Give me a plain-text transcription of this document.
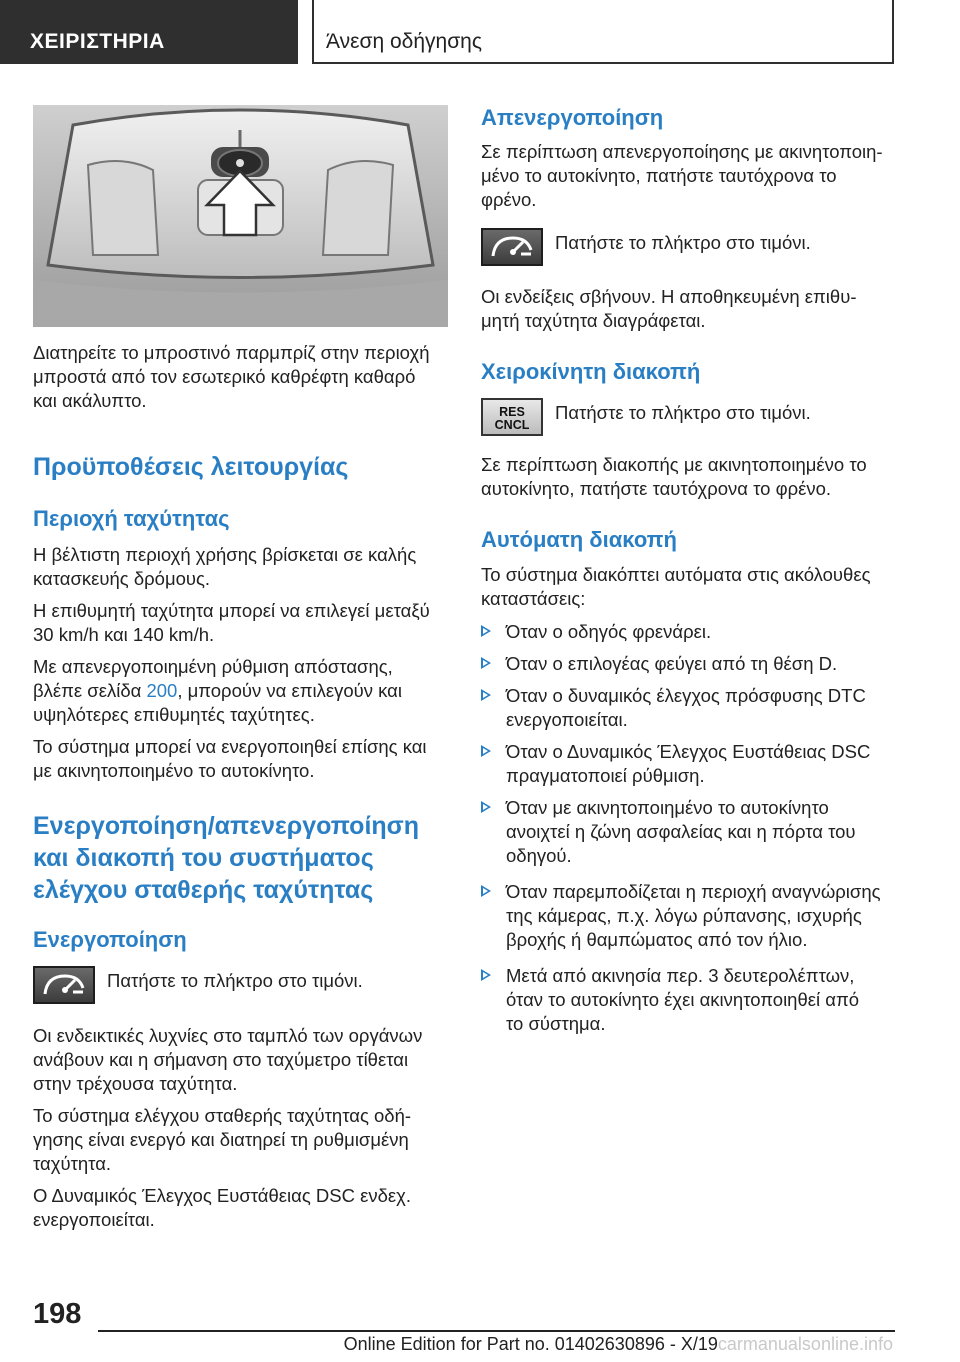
ΧΕΙΡΙΣΤΗΡΙΑ	Άνεση οδήγησης

Διατηρείτε το μπροστινό παρμπρίζ στην περιοχή
μπροστά από τον εσωτερικό καθρέφτη καθαρό
και ακάλυπτο.

Προϋποθέσεις λειτουργίας
Περιοχή ταχύτητας

Η βέλτιστη περιοχή χρήσης βρίσκεται σε καλής
κατασκευής δρόμους.

Η επιθυμητή ταχύτητα μπορεί να επιλεγεί μεταξύ
30 km/h και 140 km/h.

Με απενεργοποιημένη ρύθμιση απόστασης,
βλέπε σελίδα 200, μπορούν να επιλεγούν και
υψηλότερες επιθυμητές ταχύτητες.

Το σύστημα μπορεί να ενεργοποιηθεί επίσης και
με ακινητοποιημένο το αυτοκίνητο.

Ενεργοποίηση/απενεργοποίηση
και διακοπή του συστήματος
ελέγχου σταθερής ταχύτητας
Ενεργοποίηση
Πατήστε το πλήκτρο στο τιμόνι.

Οι ενδεικτικές λυχνίες στο ταμπλό των οργάνων
ανάβουν και η σήμανση στο ταχύμετρο τίθεται
στην τρέχουσα ταχύτητα.

Το σύστημα ελέγχου σταθερής ταχύτητας οδή-
γησης είναι ενεργό και διατηρεί τη ρυθμισμένη
ταχύτητα.

Ο Δυναμικός Έλεγχος Ευστάθειας DSC ενδεχ.
ενεργοποιείται.

Απενεργοποίηση

Σε περίπτωση απενεργοποίησης με ακινητοποιη-
μένο το αυτοκίνητο, πατήστε ταυτόχρονα το
φρένο.

Πατήστε το πλήκτρο στο τιμόνι.

Οι ενδείξεις σβήνουν. Η αποθηκευμένη επιθυ-
μητή ταχύτητα διαγράφεται.

Χειροκίνητη διακοπή
RES
CNCL
Πατήστε το πλήκτρο στο τιμόνι.

Σε περίπτωση διακοπής με ακινητοποιημένο το
αυτοκίνητο, πατήστε ταυτόχρονα το φρένο.

Αυτόματη διακοπή

Το σύστημα διακόπτει αυτόματα στις ακόλουθες
καταστάσεις:

Όταν ο οδηγός φρενάρει.
Όταν ο επιλογέας φεύγει από τη θέση D.
Όταν ο δυναμικός έλεγχος πρόσφυσης DTC
ενεργοποιείται.
Όταν ο Δυναμικός Έλεγχος Ευστάθειας DSC
πραγματοποιεί ρύθμιση.
Όταν με ακινητοποιημένο το αυτοκίνητο
ανοιχτεί η ζώνη ασφαλείας και η πόρτα του
οδηγού.
Όταν παρεμποδίζεται η περιοχή αναγνώρισης
της κάμερας, π.χ. λόγω ρύπανσης, ισχυρής
βροχής ή θαμπώματος από τον ήλιο.
Μετά από ακινησία περ. 3 δευτερολέπτων,
όταν το αυτοκίνητο έχει ακινητοποιηθεί από
το σύστημα.
198
Online Edition for Part no. 01402630896 - X/19carmanualsonline.info
